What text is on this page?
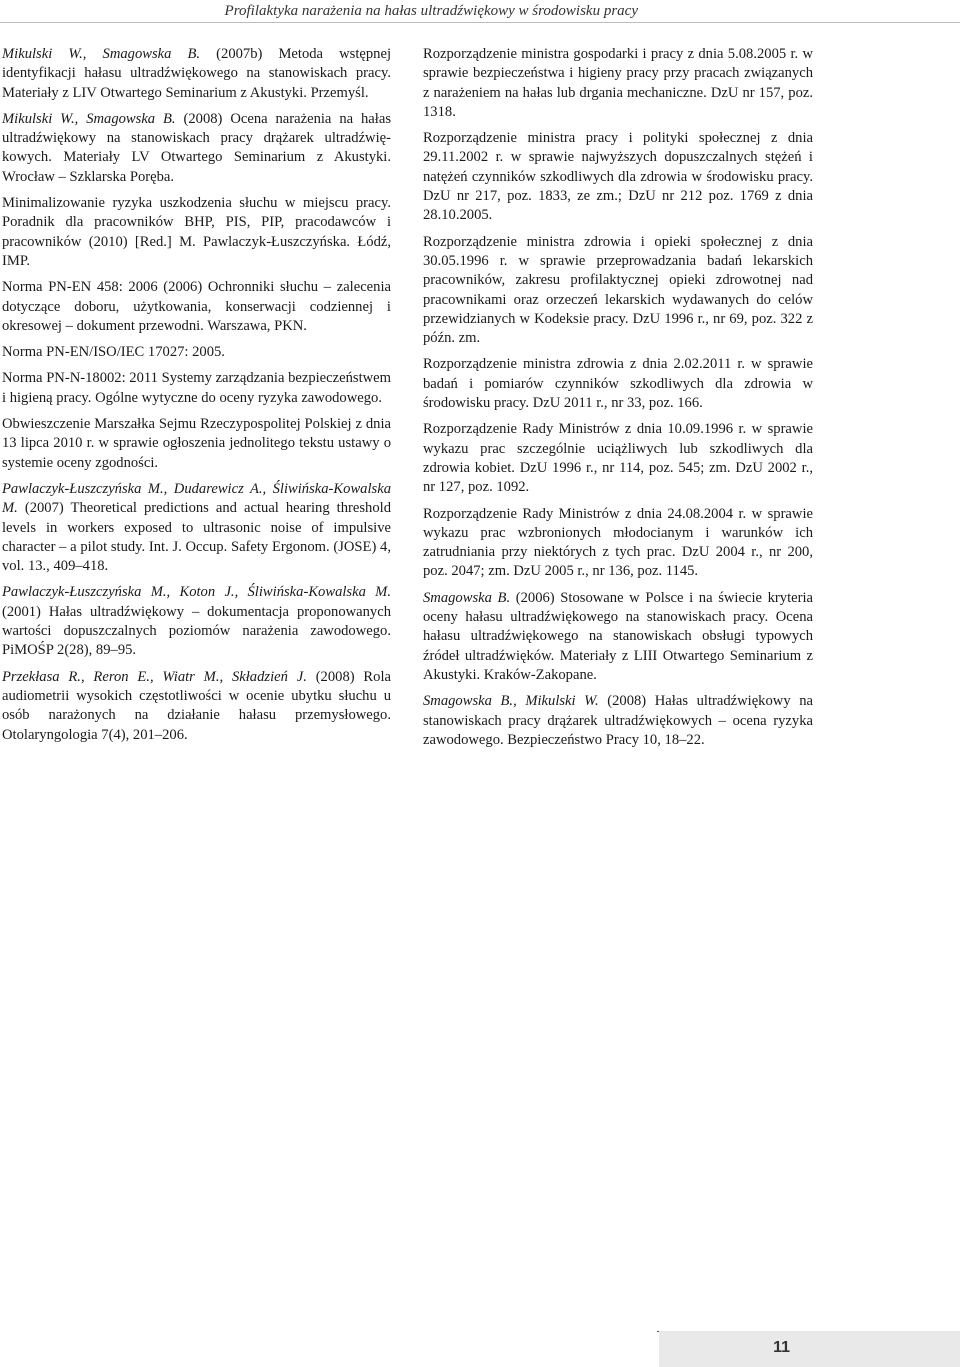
Profilaktyka narażenia na hałas ultradźwiękowy w środowisku pracy

Mikulski W., Smagowska B. (2007b) Metoda wstępnej identyfikacji hałasu ultradźwiękowego na stanowiskach pracy. Materiały z LIV Otwartego Seminarium z Akustyki. Przemyśl.

Mikulski W., Smagowska B. (2008) Ocena narażenia na hałas ultradźwiękowy na stanowiskach pracy drążarek ultradźwiękowych. Materiały LV Otwartego Seminarium z Akustyki. Wrocław – Szklarska Poręba.

Minimalizowanie ryzyka uszkodzenia słuchu w miejscu pracy. Poradnik dla pracowników BHP, PIS, PIP, pracodawców i pracowników (2010) [Red.] M. Pawlaczyk-Łuszczyńska. Łódź, IMP.

Norma PN-EN 458: 2006 (2006) Ochronniki słuchu – zalecenia dotyczące doboru, użytkowania, konserwacji codziennej i okresowej – dokument przewodni. Warszawa, PKN.

Norma PN-EN/ISO/IEC 17027: 2005.

Norma PN-N-18002: 2011 Systemy zarządzania bezpieczeństwem i higieną pracy. Ogólne wytyczne do oceny ryzyka zawodowego.

Obwieszczenie Marszałka Sejmu Rzeczypospolitej Polskiej z dnia 13 lipca 2010 r. w sprawie ogłoszenia jednolitego tekstu ustawy o systemie oceny zgodności.

Pawlaczyk-Łuszczyńska M., Dudarewicz A., Śliwińska-Kowalska M. (2007) Theoretical predictions and actual hearing threshold levels in workers exposed to ultrasonic noise of impulsive character – a pilot study. Int. J. Occup. Safety Ergonom. (JOSE) 4, vol. 13., 409–418.

Pawlaczyk-Łuszczyńska M., Koton J., Śliwińska-Kowalska M. (2001) Hałas ultradźwiękowy – dokumentacja proponowanych wartości dopuszczalnych poziomów narażenia zawodowego. PiMOŚP 2(28), 89–95.

Przekłasa R., Reron E., Wiatr M., Składzień J. (2008) Rola audiometrii wysokich częstotliwości w ocenie ubytku słuchu u osób narażonych na działanie hałasu przemysłowego. Otolaryngologia 7(4), 201–206.

Rozporządzenie ministra gospodarki i pracy z dnia 5.08.2005 r. w sprawie bezpieczeństwa i higieny pracy przy pracach związanych z narażeniem na hałas lub drgania mechaniczne. DzU nr 157, poz. 1318.

Rozporządzenie ministra pracy i polityki społecznej z dnia 29.11.2002 r. w sprawie najwyższych dopuszczalnych stężeń i natężeń czynników szkodliwych dla zdrowia w środowisku pracy. DzU nr 217, poz. 1833, ze zm.; DzU nr 212 poz. 1769 z dnia 28.10.2005.

Rozporządzenie ministra zdrowia i opieki społecznej z dnia 30.05.1996 r. w sprawie przeprowadzania badań lekarskich pracowników, zakresu profilaktycznej opieki zdrowotnej nad pracownikami oraz orzeczeń lekarskich wydawanych do celów przewidzianych w Kodeksie pracy. DzU 1996 r., nr 69, poz. 322 z późn. zm.

Rozporządzenie ministra zdrowia z dnia 2.02.2011 r. w sprawie badań i pomiarów czynników szkodliwych dla zdrowia w środowisku pracy. DzU 2011 r., nr 33, poz. 166.

Rozporządzenie Rady Ministrów z dnia 10.09.1996 r. w sprawie wykazu prac szczególnie uciążliwych lub szkodliwych dla zdrowia kobiet. DzU 1996 r., nr 114, poz. 545; zm. DzU 2002 r., nr 127, poz. 1092.

Rozporządzenie Rady Ministrów z dnia 24.08.2004 r. w sprawie wykazu prac wzbronionych młodocianym i warunków ich zatrudniania przy niektórych z tych prac. DzU 2004 r., nr 200, poz. 2047; zm. DzU 2005 r., nr 136, poz. 1145.

Smagowska B. (2006) Stosowane w Polsce i na świecie kryteria oceny hałasu ultradźwiękowego na stanowiskach pracy. Ocena hałasu ultradźwiękowego na stanowiskach obsługi typowych źródeł ultradźwięków. Materiały z LIII Otwartego Seminarium z Akustyki. Kraków-Zakopane.

Smagowska B., Mikulski W. (2008) Hałas ultradźwiękowy na stanowiskach pracy drążarek ultradźwiękowych – ocena ryzyka zawodowego. Bezpieczeństwo Pracy 10, 18–22.

11
